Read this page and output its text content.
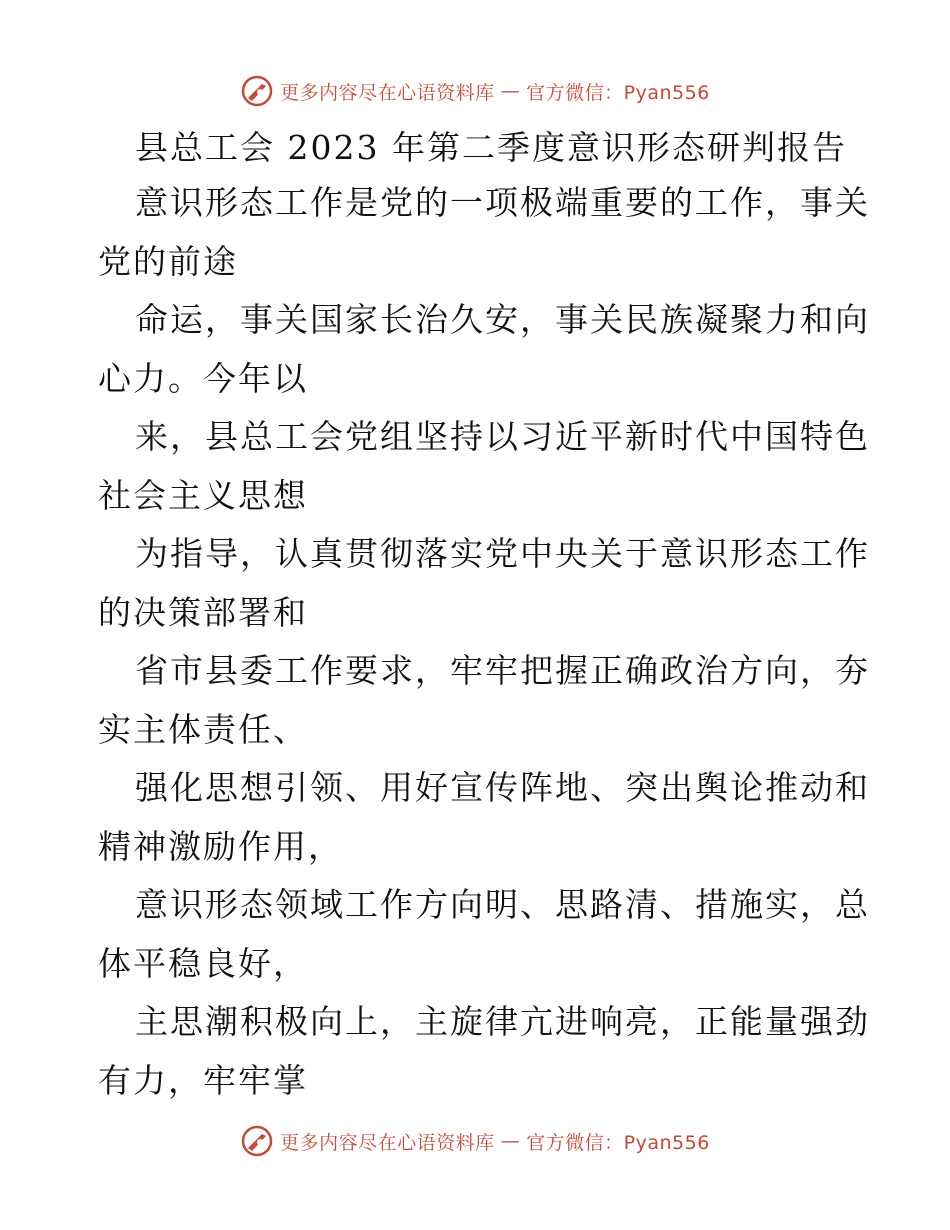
更多内容尽在心语资料库 — 官方微信：Pyan556
县总工会 2023 年第二季度意识形态研判报告

意识形态工作是党的一项极端重要的工作，事关

党的前途

命运，事关国家长治久安，事关民族凝聚力和向

心力。今年以

来，县总工会党组坚持以习近平新时代中国特色

社会主义思想

为指导，认真贯彻落实党中央关于意识形态工作

的决策部署和

省市县委工作要求，牢牢把握正确政治方向，夯

实主体责任、

强化思想引领、用好宣传阵地、突出舆论推动和

精神激励作用，

意识形态领域工作方向明、思路清、措施实，总

体平稳良好，

主思潮积极向上，主旋律亢进响亮，正能量强劲

有力，牢牢掌

更多内容尽在心语资料库 — 官方微信：Pyan556
